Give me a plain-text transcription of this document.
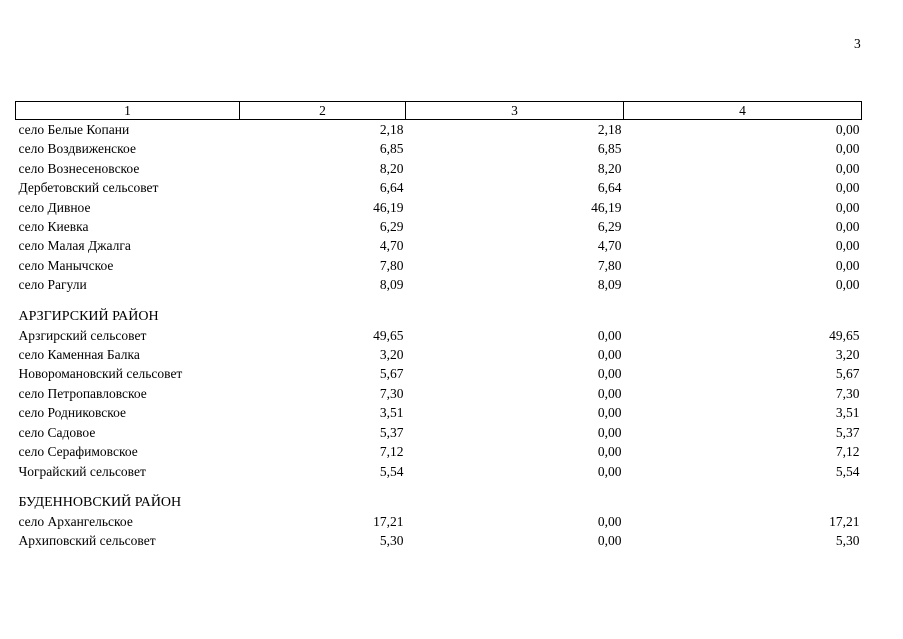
3
1	2	3	4
село Белые Копани	2,18	2,18	0,00
село Воздвиженское	6,85	6,85	0,00
село Вознесеновское	8,20	8,20	0,00
Дербетовский сельсовет	6,64	6,64	0,00
село Дивное	46,19	46,19	0,00
село Киевка	6,29	6,29	0,00
село Малая Джалга	4,70	4,70	0,00
село Манычское	7,80	7,80	0,00
село Рагули	8,09	8,09	0,00

АРЗГИРСКИЙ РАЙОН			
Арзгирский сельсовет	49,65	0,00	49,65
село Каменная Балка	3,20	0,00	3,20
Новоромановский сельсовет	5,67	0,00	5,67
село Петропавловское	7,30	0,00	7,30
село Родниковское	3,51	0,00	3,51
село Садовое	5,37	0,00	5,37
село Серафимовское	7,12	0,00	7,12
Чограйский сельсовет	5,54	0,00	5,54

БУДЕННОВСКИЙ РАЙОН			
село Архангельское	17,21	0,00	17,21
Архиповский сельсовет	5,30	0,00	5,30
